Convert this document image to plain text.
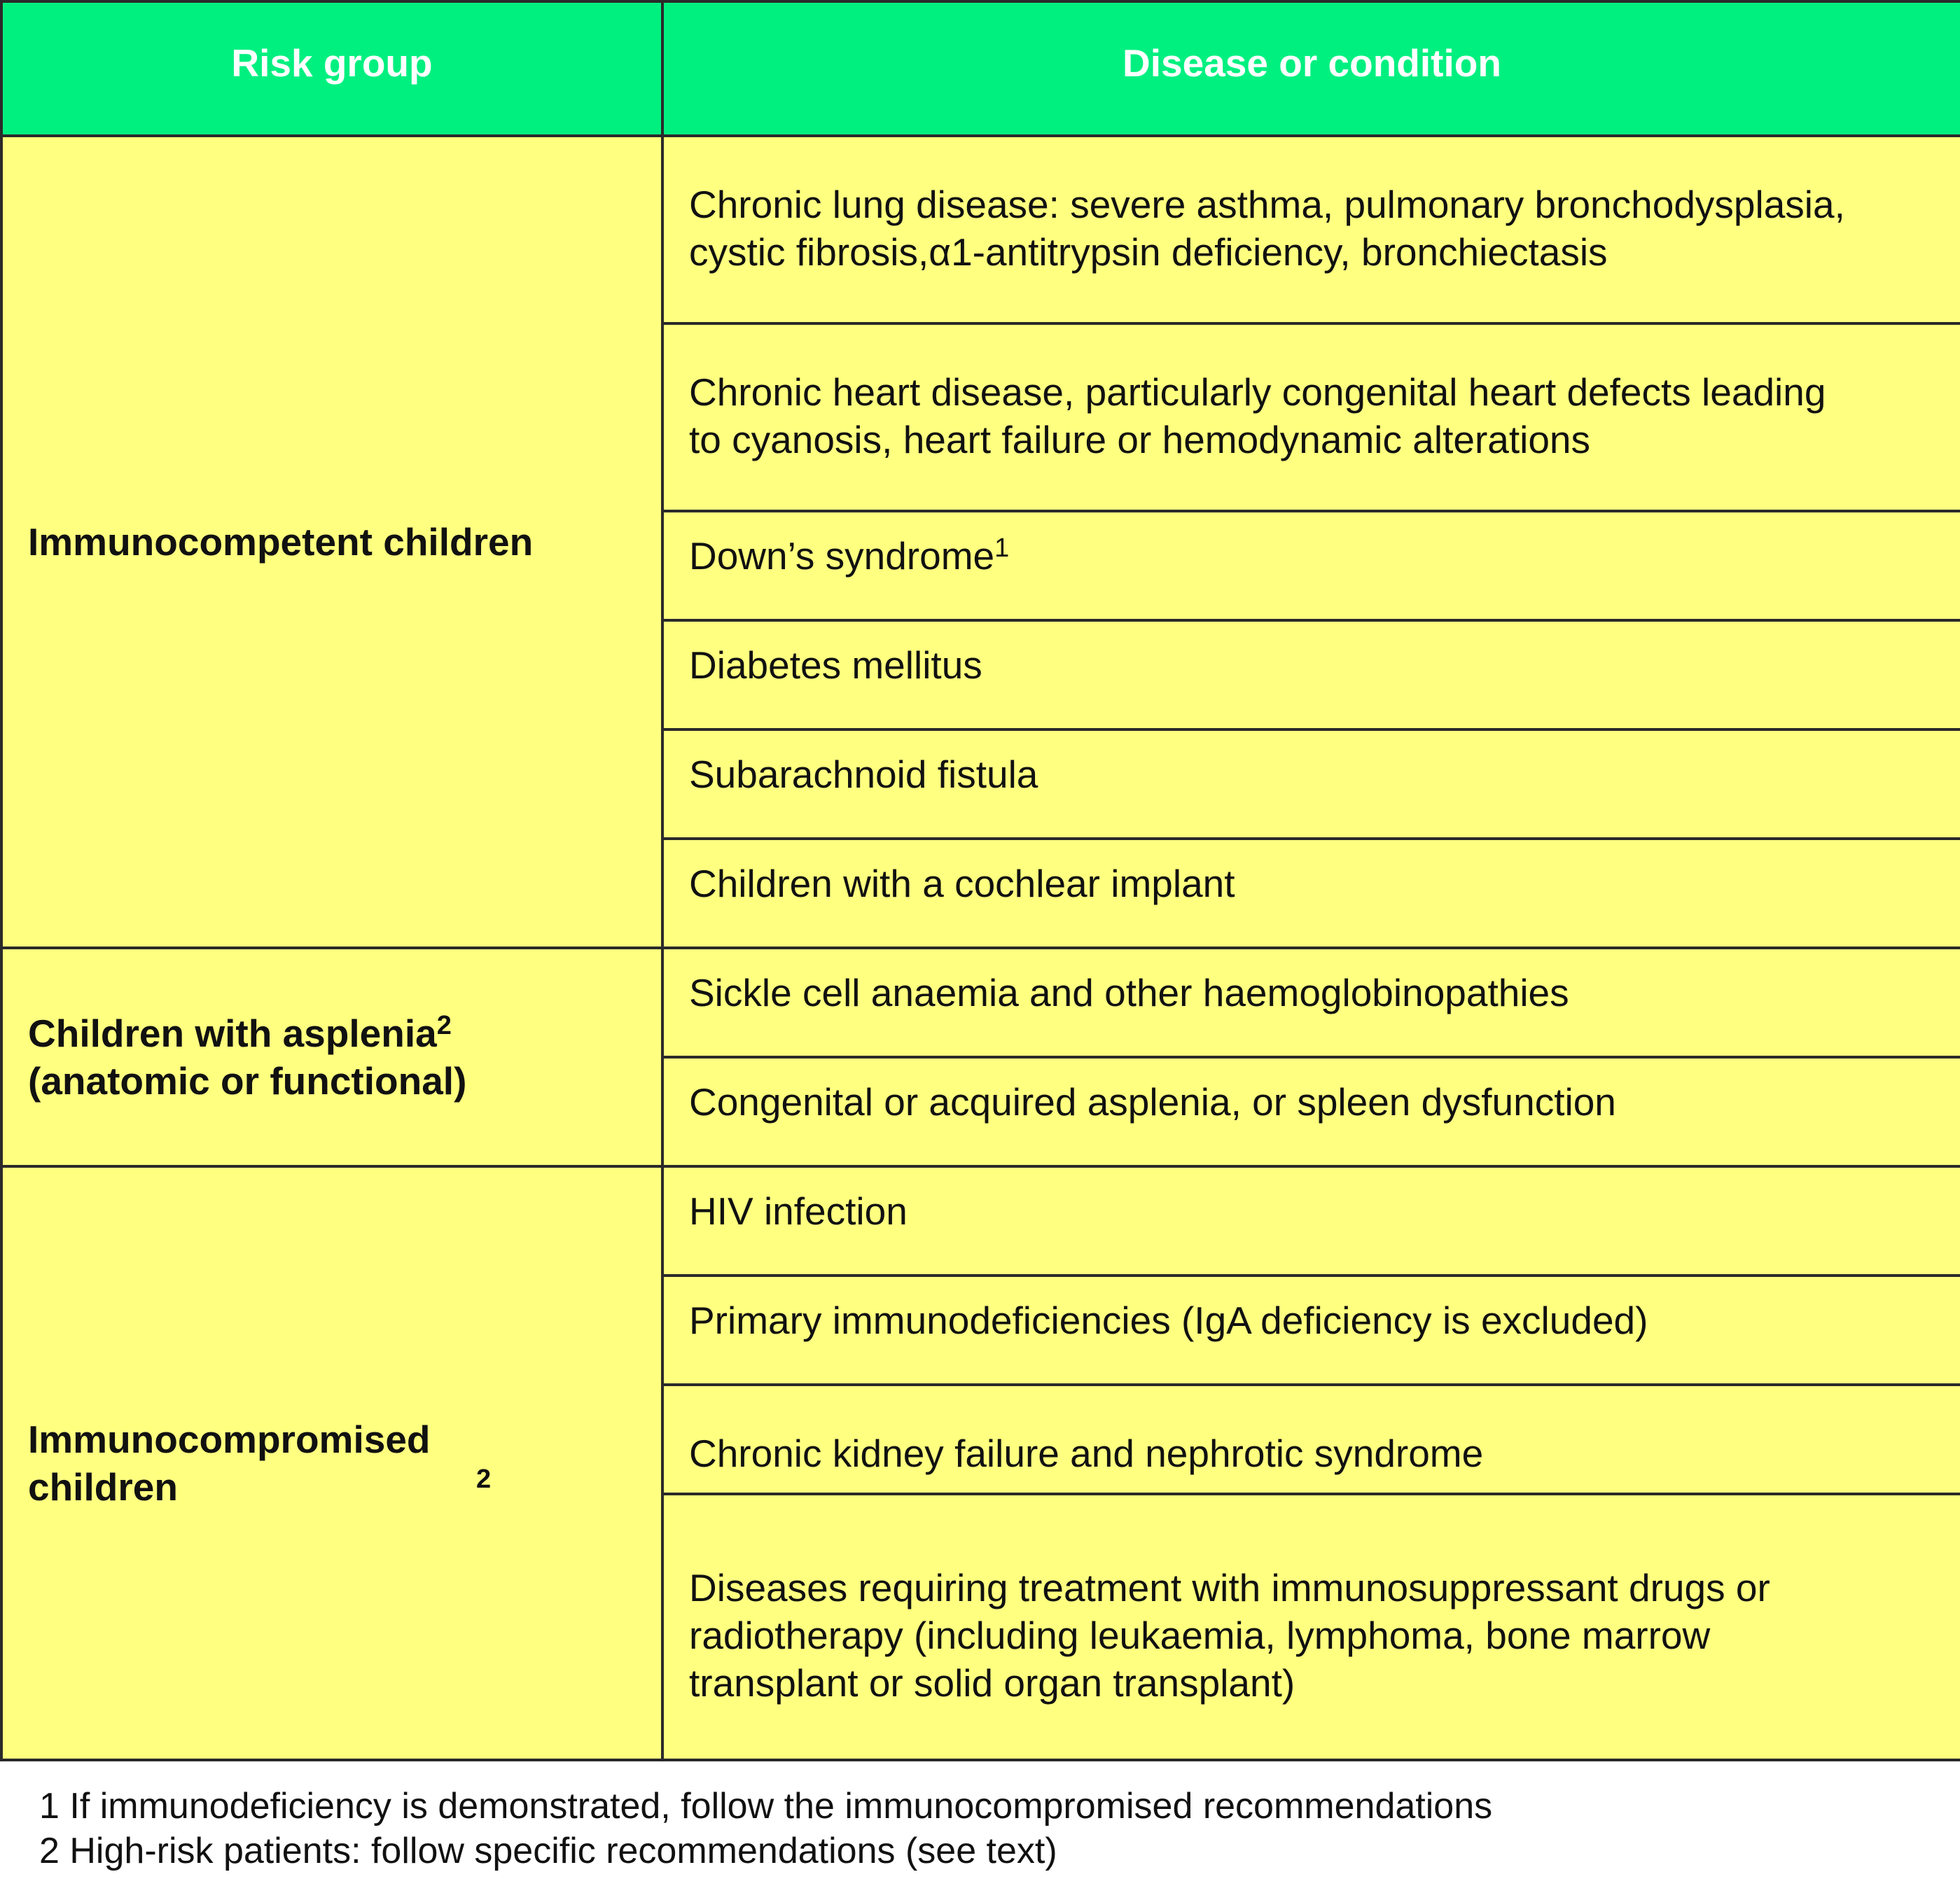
Risk group	Disease or condition
Immunocompetent children	Chronic lung disease: severe asthma, pulmonary bronchodysplasia, cystic fibrosis,α1-antitrypsin deficiency, bronchiectasis

	Chronic heart disease, particularly congenital heart defects leading to cyanosis, heart failure or hemodynamic alterations

	Down’s syndrome$^1$
	Diabetes mellitus
	Subarachnoid fistula
	Children with a cochlear implant
Children with asplenia$^2$
(anatomic or functional)	Sickle cell anaemia and other haemoglobinopathies
	Congenital or acquired asplenia, or spleen dysfunction
Immunocompromised children $^2$	HIV infection
	Primary immunodeficiencies (IgA deficiency is excluded)
	Chronic kidney failure and nephrotic syndrome

	Diseases requiring treatment with immunosuppressant drugs or radiotherapy (including leukaemia, lymphoma, bone marrow transplant or solid organ transplant)
1 If immunodeficiency is demonstrated, follow the immunocompromised recommendations
2 High-risk patients: follow specific recommendations (see text)
